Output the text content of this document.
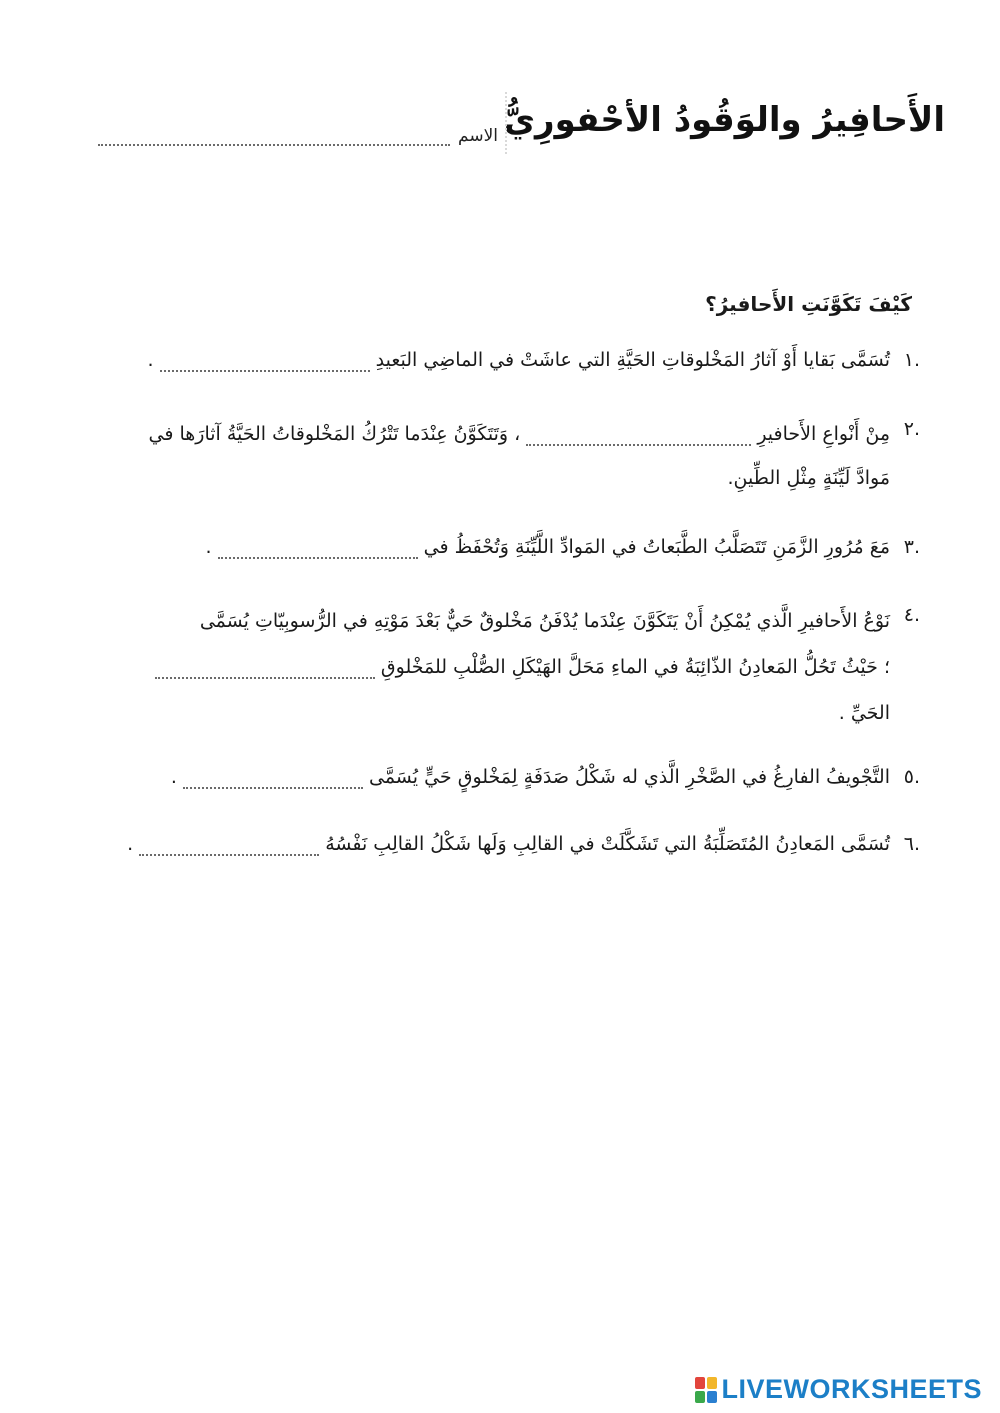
الأَحافِيرُ والوَقُودُ الأحْفورِيُّ
الاسم
كَيْفَ تَكَوَّنَتِ الأَحافيرُ؟
.١

تُسَمَّى بَقايا أَوْ آثارُ المَخْلوقاتِ الحَيَّةِ التي عاشَتْ في الماضِي البَعيدِ  .

.٢

مِنْ أَنْواعِ الأَحافيرِ  ، وَتَتَكَوَّنُ عِنْدَما تَتْرُكُ المَخْلوقاتُ الحَيَّةُ آثارَها في
مَوادَّ لَيِّنَةٍ مِثْلِ الطِّينِ.

.٣

مَعَ مُرُورِ الزَّمَنِ تَتَصَلَّبُ الطَّبَعاتُ في المَوادِّ اللَّيِّنَةِ وَتُحْفَظُ في  .

.٤

نَوْعُ الأَحافيرِ الَّذي يُمْكِنُ أَنْ يَتَكَوَّنَ عِنْدَما يُدْفَنُ مَخْلوقٌ حَيٌّ بَعْدَ مَوْتِهِ في الرُّسوبِيّاتِ يُسَمَّى
؛ حَيْثُ تَحُلُّ المَعادِنُ الذّائِبَةُ في الماءِ مَحَلَّ الهَيْكَلِ الصُّلْبِ للمَخْلوقِ
الحَيِّ .

.٥

التَّجْويفُ الفارِغُ في الصَّخْرِ الَّذي له شَكْلُ صَدَفَةٍ لِمَخْلوقٍ حَيٍّ يُسَمَّى  .

.٦

تُسَمَّى المَعادِنُ المُتَصَلِّبَةُ التي تَشَكَّلَتْ في القالِبِ وَلَها شَكْلُ القالِبِ نَفْسُهُ  .

LIVEWORKSHEETS
